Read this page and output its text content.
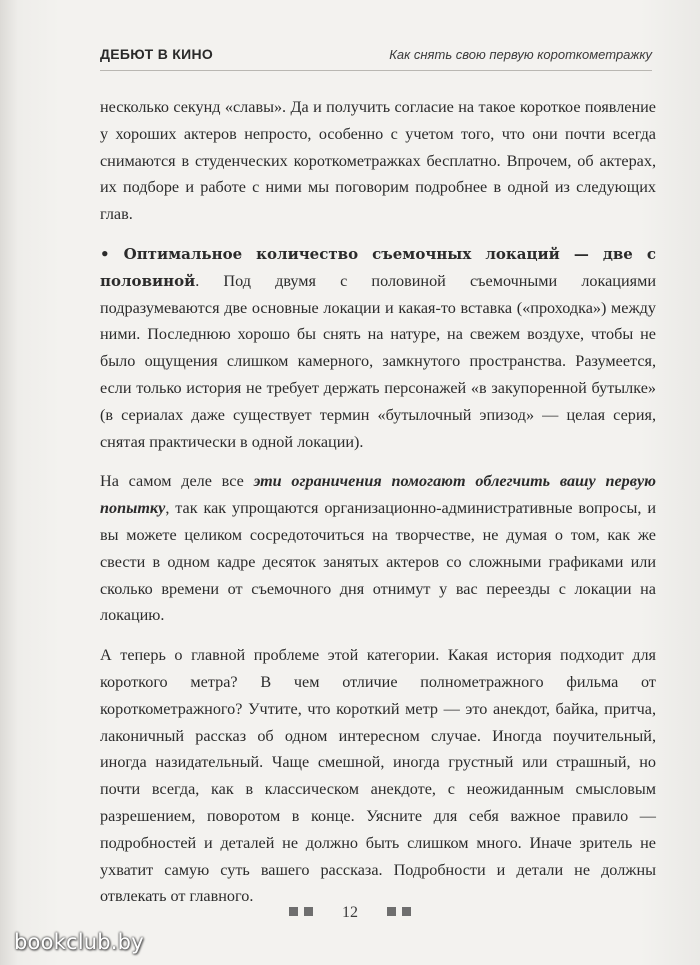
ДЕБЮТ В КИНО	Как снять свою первую короткометражку

несколько секунд «славы». Да и получить согласие на такое короткое появление у хороших актеров непросто, особенно с учетом того, что они почти всегда снимаются в студенческих короткометражках бесплатно. Впрочем, об актерах, их подборе и работе с ними мы поговорим подробнее в одной из следующих глав.

• Оптимальное количество съемочных локаций — две с половиной. Под двумя с половиной съемочными локациями подразумеваются две основные локации и какая-то вставка («проходка») между ними. Последнюю хорошо бы снять на натуре, на свежем воздухе, чтобы не было ощущения слишком камерного, замкнутого пространства. Разумеется, если только история не требует держать персонажей «в закупоренной бутылке» (в сериалах даже существует термин «бутылочный эпизод» — целая серия, снятая практически в одной локации).

На самом деле все эти ограничения помогают облегчить вашу первую попытку, так как упрощаются организационно-административные вопросы, и вы можете целиком сосредоточиться на творчестве, не думая о том, как же свести в одном кадре десяток занятых актеров со сложными графиками или сколько времени от съемочного дня отнимут у вас переезды с локации на локацию.

А теперь о главной проблеме этой категории. Какая история подходит для короткого метра? В чем отличие полнометражного фильма от короткометражного? Учтите, что короткий метр — это анекдот, байка, притча, лаконичный рассказ об одном интересном случае. Иногда поучительный, иногда назидательный. Чаще смешной, иногда грустный или страшный, но почти всегда, как в классическом анекдоте, с неожиданным смысловым разрешением, поворотом в конце. Уясните для себя важное правило — подробностей и деталей не должно быть слишком много. Иначе зритель не ухватит самую суть вашего рассказа. Подробности и детали не должны отвлекать от главного.

12
bookclub.by
